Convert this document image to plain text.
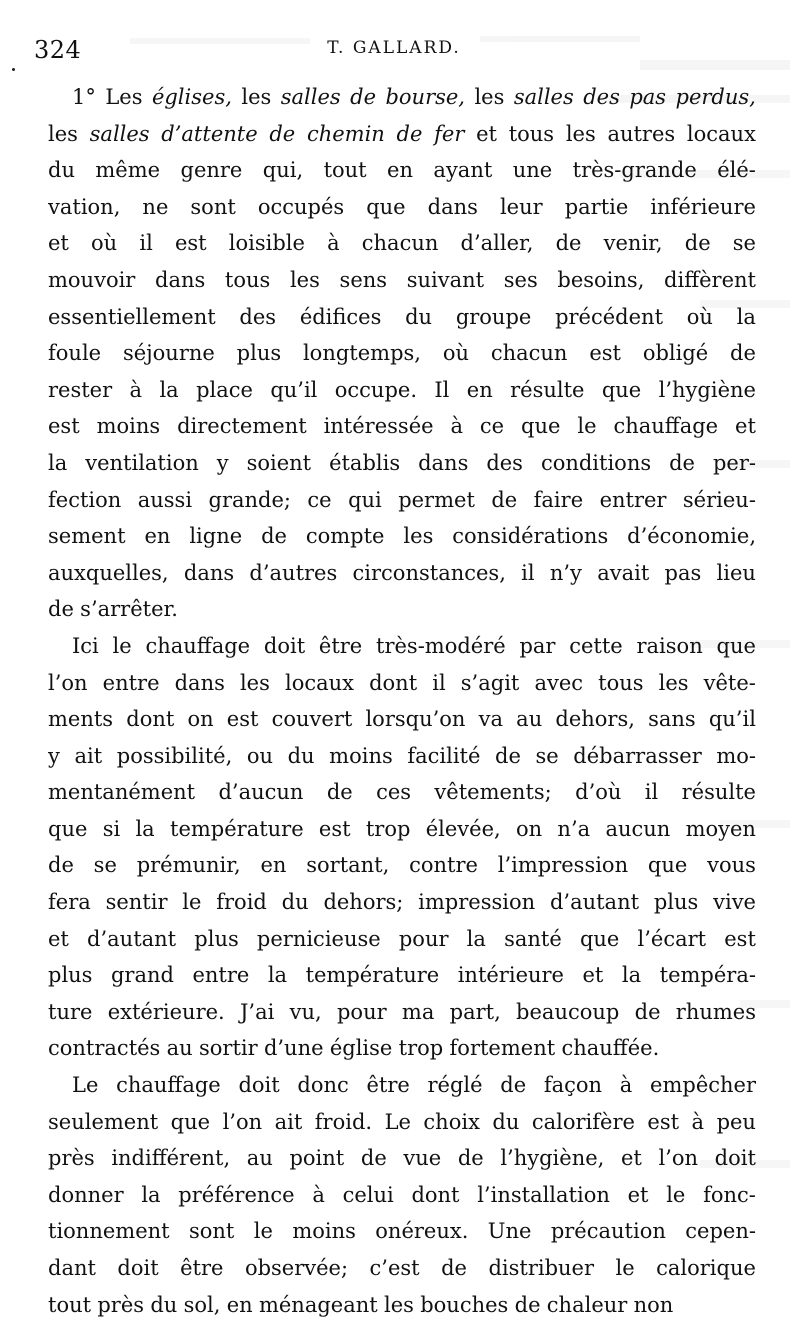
324	T. GALLARD.
1° Les églises, les salles de bourse, les salles des pas perdus,
les salles d’attente de chemin de fer et tous les autres locaux
du même genre qui, tout en ayant une très-grande élé-
vation, ne sont occupés que dans leur partie inférieure
et où il est loisible à chacun d’aller, de venir, de se
mouvoir dans tous les sens suivant ses besoins, diffèrent
essentiellement des édifices du groupe précédent où la
foule séjourne plus longtemps, où chacun est obligé de
rester à la place qu’il occupe. Il en résulte que l’hygiène
est moins directement intéressée à ce que le chauffage et
la ventilation y soient établis dans des conditions de per-
fection aussi grande; ce qui permet de faire entrer sérieu-
sement en ligne de compte les considérations d’économie,
auxquelles, dans d’autres circonstances, il n’y avait pas lieu
de s’arrêter.
Ici le chauffage doit être très-modéré par cette raison que
l’on entre dans les locaux dont il s’agit avec tous les vête-
ments dont on est couvert lorsqu’on va au dehors, sans qu’il
y ait possibilité, ou du moins facilité de se débarrasser mo-
mentanément d’aucun de ces vêtements; d’où il résulte
que si la température est trop élevée, on n’a aucun moyen
de se prémunir, en sortant, contre l’impression que vous
fera sentir le froid du dehors; impression d’autant plus vive
et d’autant plus pernicieuse pour la santé que l’écart est
plus grand entre la température intérieure et la tempéra-
ture extérieure. J’ai vu, pour ma part, beaucoup de rhumes
contractés au sortir d’une église trop fortement chauffée.
Le chauffage doit donc être réglé de façon à empêcher
seulement que l’on ait froid. Le choix du calorifère est à peu
près indifférent, au point de vue de l’hygiène, et l’on doit
donner la préférence à celui dont l’installation et le fonc-
tionnement sont le moins onéreux. Une précaution cepen-
dant doit être observée; c’est de distribuer le calorique
tout près du sol, en ménageant les bouches de chaleur non
